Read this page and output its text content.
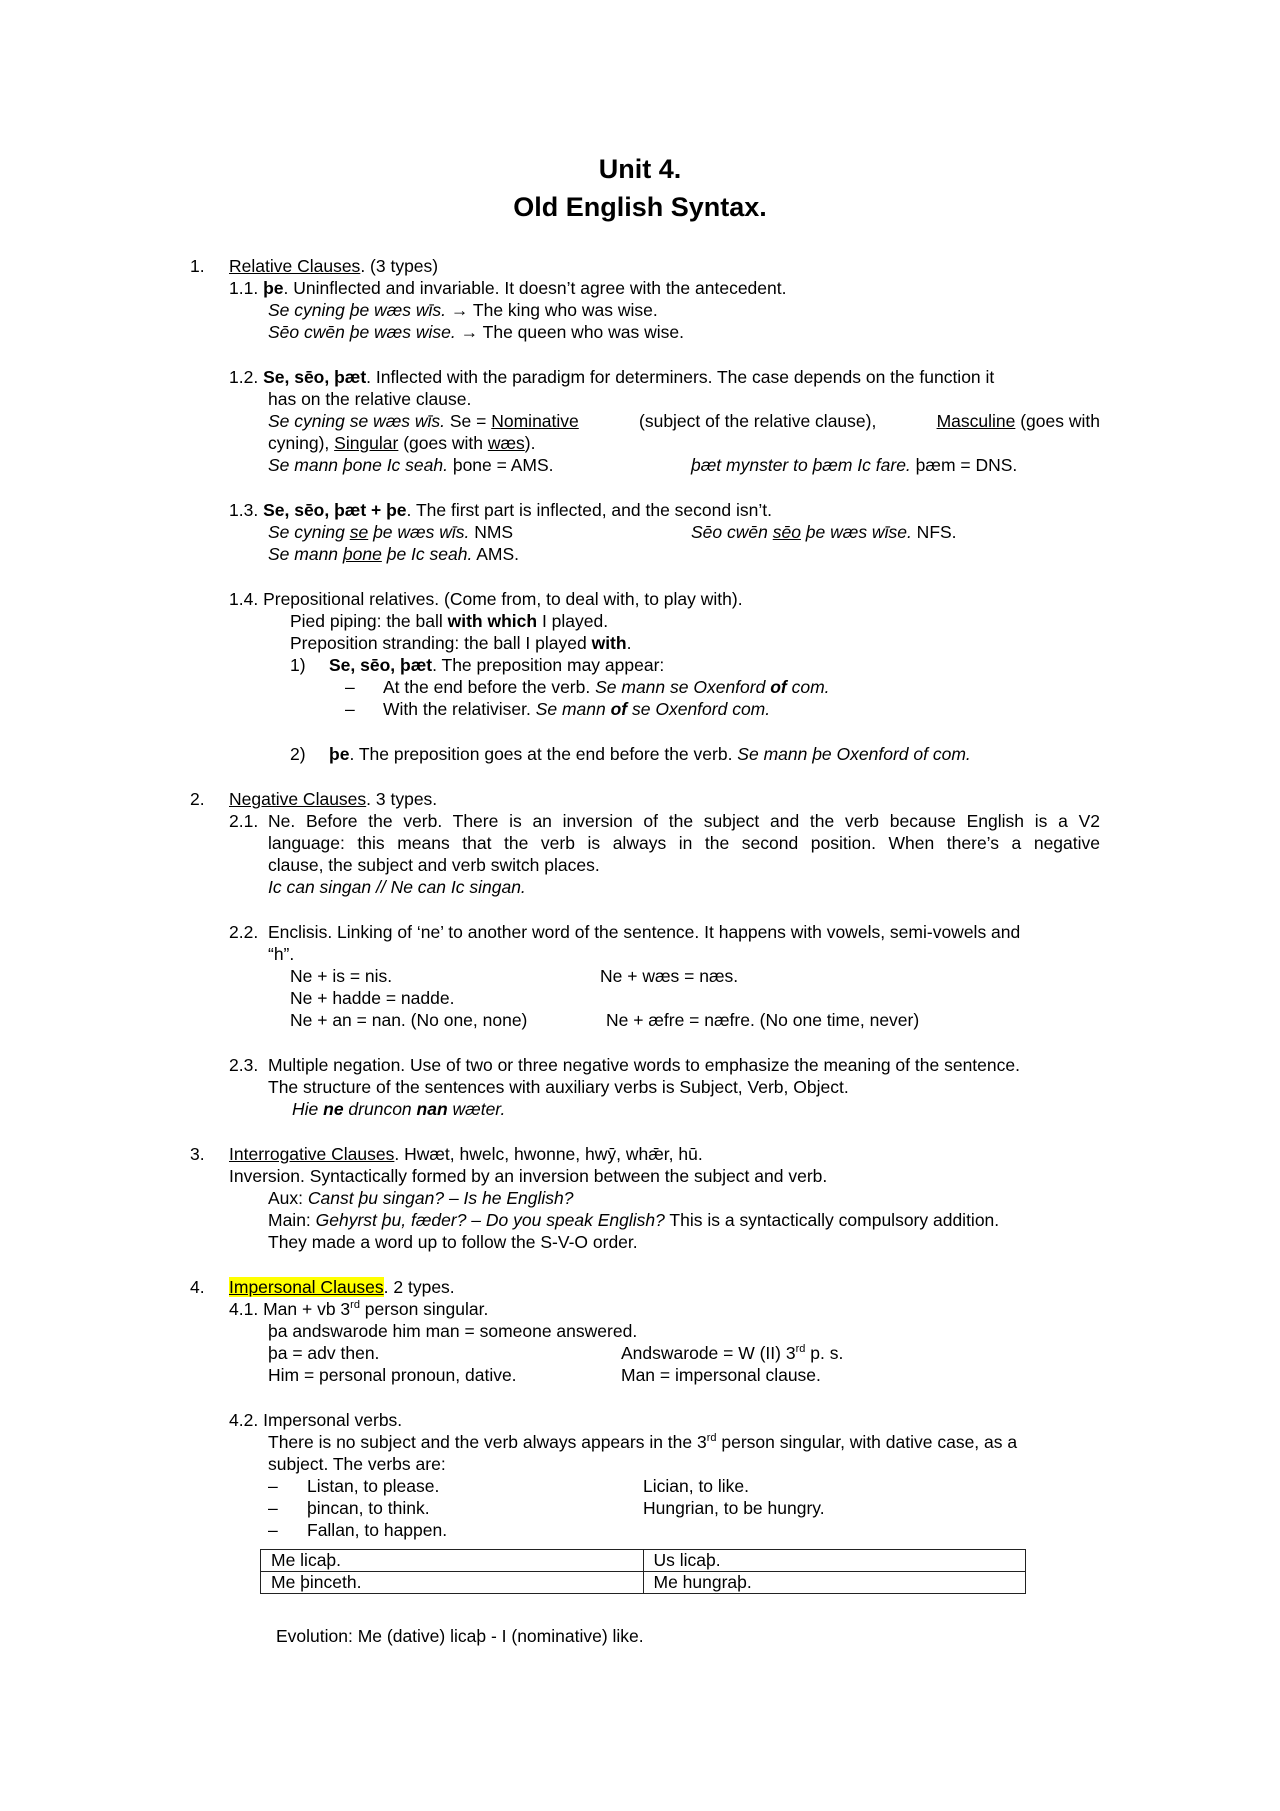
Unit 4.
Old English Syntax.
1. Relative Clauses. (3 types)
1.1. þe. Uninflected and invariable. It doesn’t agree with the antecedent.
Se cyning þe wæs wīs. → The king who was wise.
Sēo cwēn þe wæs wise. → The queen who was wise.
1.2. Se, sēo, þæt. Inflected with the paradigm for determiners. The case depends on the function it
has on the relative clause.
Se cyning se wæs wīs. Se = Nominative	(subject of the relative clause),	Masculine (goes with
cyning), Singular (goes with wæs).
Se mann þone Ic seah. þone = AMS.	þæt mynster to þæm Ic fare. þæm = DNS.
1.3. Se, sēo, þæt + þe. The first part is inflected, and the second isn’t.
Se cyning se þe wæs wīs. NMS	Sēo cwēn sēo þe wæs wīse. NFS.
Se mann þone þe Ic seah. AMS.
1.4. Prepositional relatives. (Come from, to deal with, to play with).
Pied piping: the ball with which I played.
Preposition stranding: the ball I played with.
1) Se, sēo, þæt. The preposition may appear:
– At the end before the verb. Se mann se Oxenford of com.
– With the relativiser. Se mann of se Oxenford com.
2) þe. The preposition goes at the end before the verb. Se mann þe Oxenford of com.
2. Negative Clauses. 3 types.
2.1. Ne. Before the verb. There is an inversion of the subject and the verb because English is a V2
language: this means that the verb is always in the second position. When there’s a negative
clause, the subject and verb switch places.
Ic can singan // Ne can Ic singan.
2.2. Enclisis. Linking of ‘ne’ to another word of the sentence. It happens with vowels, semi-vowels and
“h”.
Ne + is = nis.	Ne + wæs = næs.
Ne + hadde = nadde.
Ne + an = nan. (No one, none)	Ne + æfre = næfre. (No one time, never)
2.3. Multiple negation. Use of two or three negative words to emphasize the meaning of the sentence.
The structure of the sentences with auxiliary verbs is Subject, Verb, Object.
Hie ne druncon nan wæter.
3. Interrogative Clauses. Hwæt, hwelc, hwonne, hwȳ, whǣr, hū.
Inversion. Syntactically formed by an inversion between the subject and verb.
Aux: Canst þu singan? – Is he English?
Main: Gehyrst þu, fæder? – Do you speak English? This is a syntactically compulsory addition.
They made a word up to follow the S-V-O order.
4. Impersonal Clauses. 2 types.
4.1. Man + vb 3rd person singular.
þa andswarode him man = someone answered.
þa = adv then.	Andswarode = W (II) 3rd p. s.
Him = personal pronoun, dative.	Man = impersonal clause.
4.2. Impersonal verbs.
There is no subject and the verb always appears in the 3rd person singular, with dative case, as a
subject. The verbs are:
– Listan, to please.	Lician, to like.
– þincan, to think.	Hungrian, to be hungry.
– Fallan, to happen.
Me licaþ.	Us licaþ.
Me þinceth.	Me hungraþ.
Evolution: Me (dative) licaþ - I (nominative) like.
